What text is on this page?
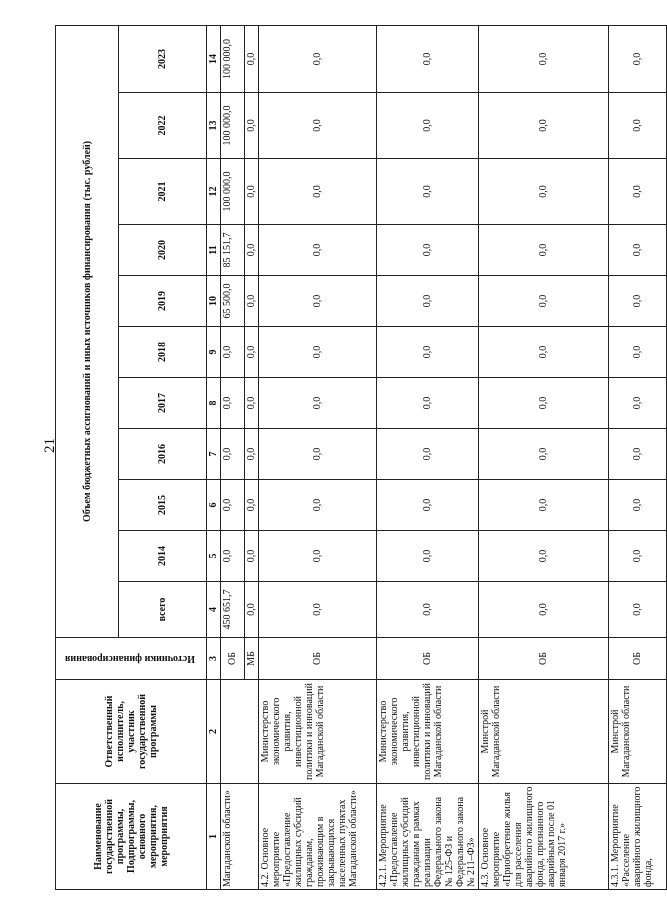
21
Наименование государственной программы, Подпрограммы, основного мероприятия, мероприятия	Ответственный исполнитель, участник государственной программы	Источники финансирования	Объем бюджетных ассигнований и иных источников финансирования (тыс. рублей)										
			всего	2014	2015	2016	2017	2018	2019	2020	2021	2022	2023
1	2	3	4	5	6	7	8	9	10	11	12	13	14
Магаданской области»		ОБ	450 651,7	0,0	0,0	0,0	0,0	0,0	65 500,0	85 151,7	100 000,0	100 000,0	100 000,0
		МБ	0,0	0,0	0,0	0,0	0,0	0,0	0,0	0,0	0,0	0,0	0,0
4.2. Основное мероприятие «Предоставление жилищных субсидий гражданам, проживающим в закрывающихся населенных пунктах Магаданской области»	Министерство экономического развития, инвестиционной политики и инноваций Магаданской области	ОБ	0,0	0,0	0,0	0,0	0,0	0,0	0,0	0,0	0,0	0,0	0,0
4.2.1. Мероприятие «Предоставление жилищных субсидий гражданам в рамках реализации Федерального закона № 125-ФЗ и Федерального закона № 211–ФЗ»	Министерство экономического развития, инвестиционной политики и инноваций Магаданской области	ОБ	0,0	0,0	0,0	0,0	0,0	0,0	0,0	0,0	0,0	0,0	0,0
4.3. Основное мероприятие «Приобретение жилья для расселения аварийного жилищного фонда, признанного аварийным после 01 января 2017 г.»	Минстрой Магаданской области	ОБ	0,0	0,0	0,0	0,0	0,0	0,0	0,0	0,0	0,0	0,0	0,0
4.3.1. Мероприятие «Расселение аварийного жилищного фонда,	Минстрой Магаданской области	ОБ	0,0	0,0	0,0	0,0	0,0	0,0	0,0	0,0	0,0	0,0	0,0
